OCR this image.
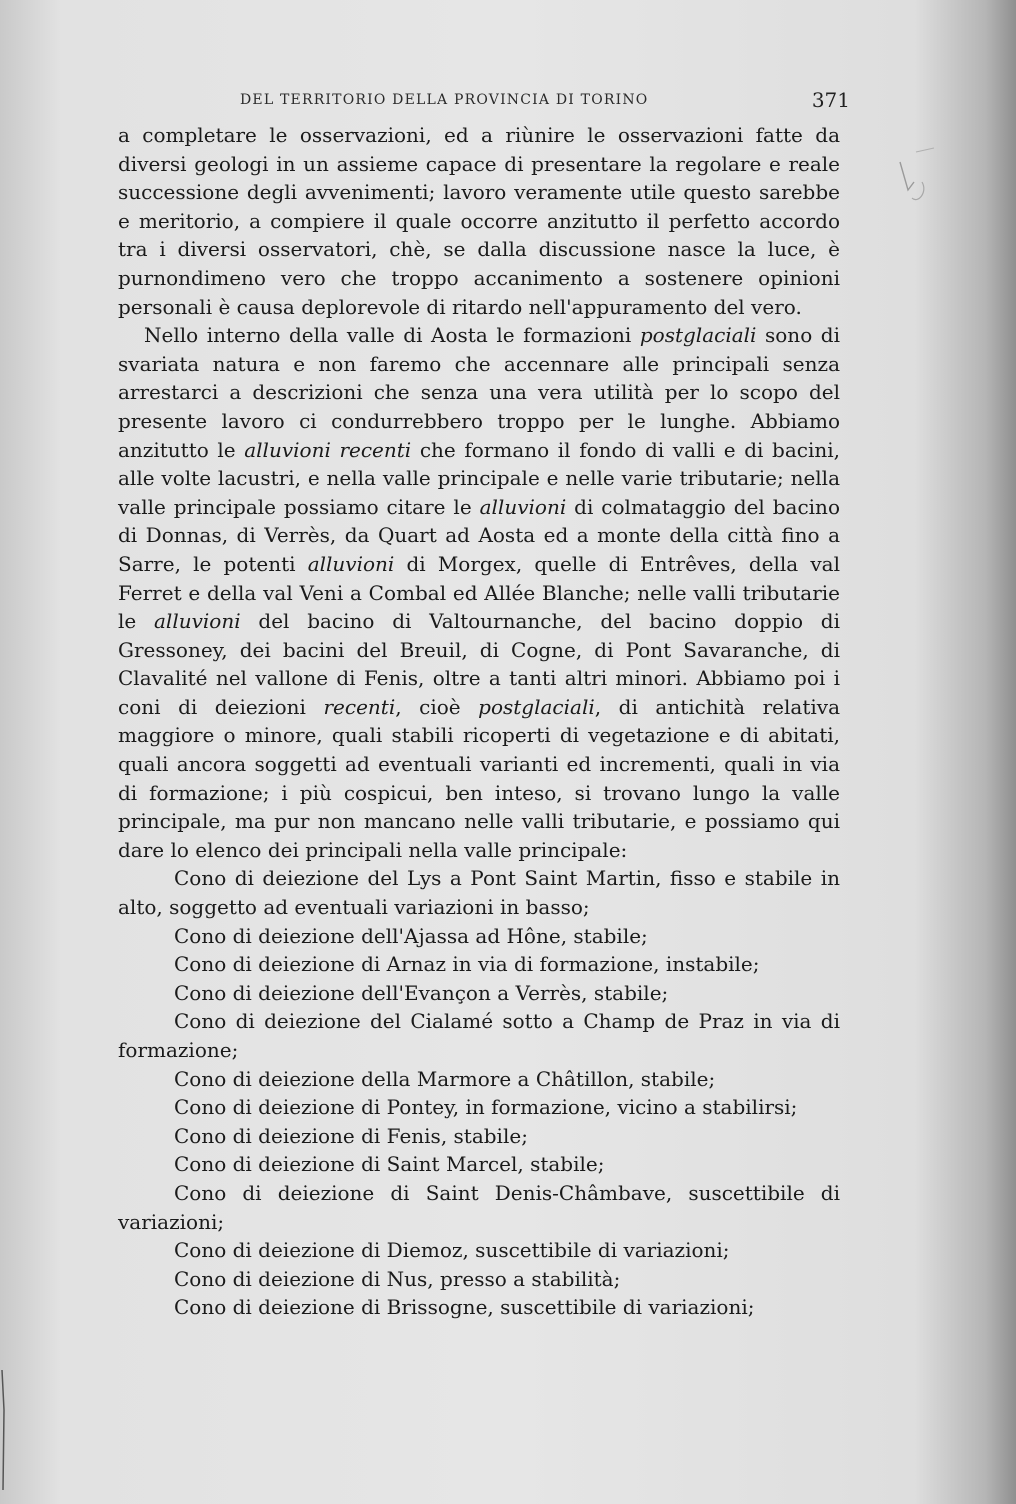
DEL TERRITORIO DELLA PROVINCIA DI TORINO	371

a completare le osservazioni, ed a riùnire le osservazioni fatte da diversi geologi in un assieme capace di presentare la regolare e reale successione degli avvenimenti; lavoro veramente utile questo sarebbe e meritorio, a compiere il quale occorre anzitutto il perfetto accordo tra i diversi osservatori, chè, se dalla discussione nasce la luce, è purnondimeno vero che troppo accanimento a sostenere opinioni personali è causa deplorevole di ritardo nell'appuramento del vero.

Nello interno della valle di Aosta le formazioni postglaciali sono di svariata natura e non faremo che accennare alle principali senza arrestarci a descrizioni che senza una vera utilità per lo scopo del presente lavoro ci condurrebbero troppo per le lunghe. Abbiamo anzitutto le alluvioni recenti che formano il fondo di valli e di bacini, alle volte lacustri, e nella valle principale e nelle varie tributarie; nella valle principale possiamo citare le alluvioni di colmataggio del bacino di Donnas, di Verrès, da Quart ad Aosta ed a monte della città fino a Sarre, le potenti alluvioni di Morgex, quelle di Entrêves, della val Ferret e della val Veni a Combal ed Allée Blanche; nelle valli tributarie le alluvioni del bacino di Valtournanche, del bacino doppio di Gressoney, dei bacini del Breuil, di Cogne, di Pont Savaranche, di Clavalité nel vallone di Fenis, oltre a tanti altri minori. Abbiamo poi i coni di deiezioni recenti, cioè postglaciali, di antichità relativa maggiore o minore, quali stabili ricoperti di vegetazione e di abitati, quali ancora soggetti ad eventuali varianti ed incrementi, quali in via di formazione; i più cospicui, ben inteso, si trovano lungo la valle principale, ma pur non mancano nelle valli tributarie, e possiamo qui dare lo elenco dei principali nella valle principale:

Cono di deiezione del Lys a Pont Saint Martin, fisso e stabile in alto, soggetto ad eventuali variazioni in basso;

Cono di deiezione dell'Ajassa ad Hône, stabile;

Cono di deiezione di Arnaz in via di formazione, instabile;

Cono di deiezione dell'Evançon a Verrès, stabile;

Cono di deiezione del Cialamé sotto a Champ de Praz in via di formazione;

Cono di deiezione della Marmore a Châtillon, stabile;

Cono di deiezione di Pontey, in formazione, vicino a stabilirsi;

Cono di deiezione di Fenis, stabile;

Cono di deiezione di Saint Marcel, stabile;

Cono di deiezione di Saint Denis-Châmbave, suscettibile di variazioni;

Cono di deiezione di Diemoz, suscettibile di variazioni;

Cono di deiezione di Nus, presso a stabilità;

Cono di deiezione di Brissogne, suscettibile di variazioni;
